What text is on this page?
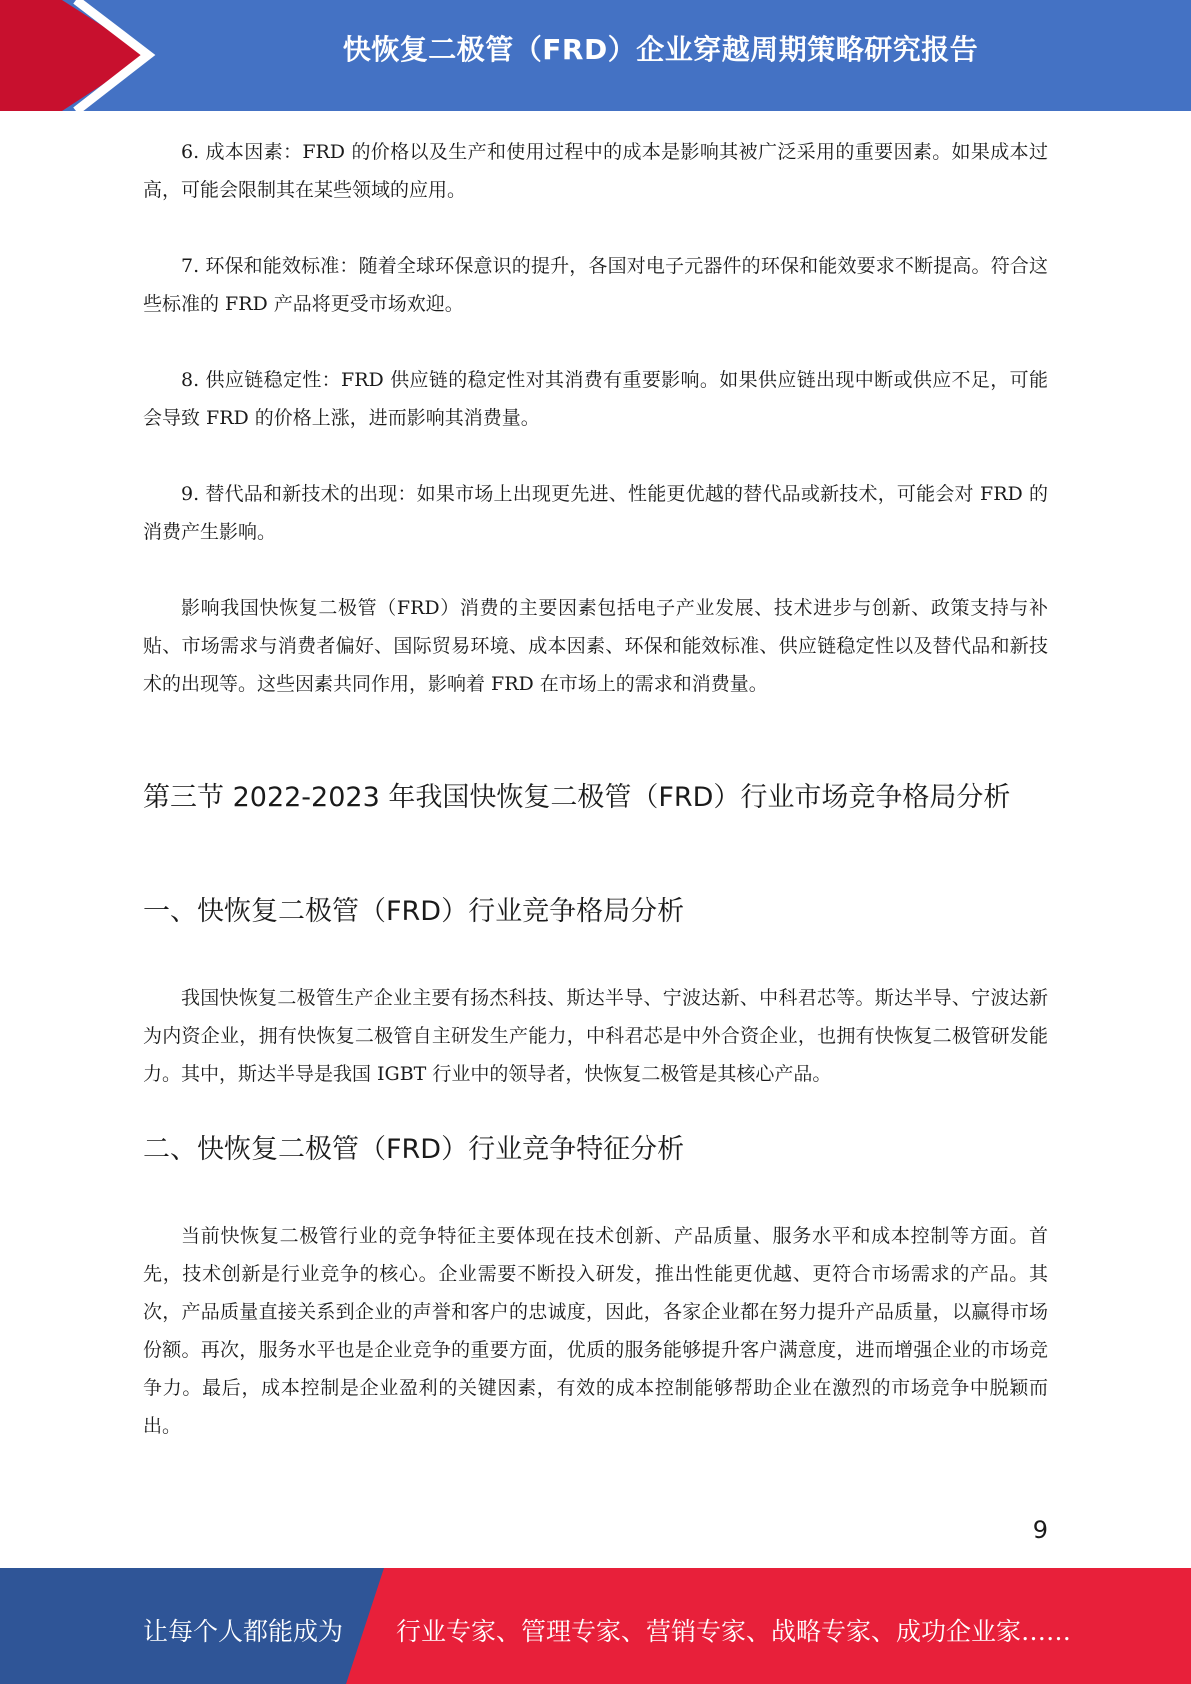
快恢复二极管（FRD）企业穿越周期策略研究报告

6. 成本因素：FRD 的价格以及生产和使用过程中的成本是影响其被广泛采用的重要因素。如果成本过高，可能会限制其在某些领域的应用。

7. 环保和能效标准：随着全球环保意识的提升，各国对电子元器件的环保和能效要求不断提高。符合这些标准的 FRD 产品将更受市场欢迎。

8. 供应链稳定性：FRD 供应链的稳定性对其消费有重要影响。如果供应链出现中断或供应不足，可能会导致 FRD 的价格上涨，进而影响其消费量。

9. 替代品和新技术的出现：如果市场上出现更先进、性能更优越的替代品或新技术，可能会对 FRD 的消费产生影响。

影响我国快恢复二极管（FRD）消费的主要因素包括电子产业发展、技术进步与创新、政策支持与补贴、市场需求与消费者偏好、国际贸易环境、成本因素、环保和能效标准、供应链稳定性以及替代品和新技术的出现等。这些因素共同作用，影响着 FRD 在市场上的需求和消费量。

第三节 2022-2023 年我国快恢复二极管（FRD）行业市场竞争格局分析
一、快恢复二极管（FRD）行业竞争格局分析

我国快恢复二极管生产企业主要有扬杰科技、斯达半导、宁波达新、中科君芯等。斯达半导、宁波达新为内资企业，拥有快恢复二极管自主研发生产能力，中科君芯是中外合资企业，也拥有快恢复二极管研发能力。其中，斯达半导是我国 IGBT 行业中的领导者，快恢复二极管是其核心产品。

二、快恢复二极管（FRD）行业竞争特征分析

当前快恢复二极管行业的竞争特征主要体现在技术创新、产品质量、服务水平和成本控制等方面。首先，技术创新是行业竞争的核心。企业需要不断投入研发，推出性能更优越、更符合市场需求的产品。其次，产品质量直接关系到企业的声誉和客户的忠诚度，因此，各家企业都在努力提升产品质量，以赢得市场份额。再次，服务水平也是企业竞争的重要方面，优质的服务能够提升客户满意度，进而增强企业的市场竞争力。最后，成本控制是企业盈利的关键因素，有效的成本控制能够帮助企业在激烈的市场竞争中脱颖而出。

9
让每个人都能成为 行业专家、管理专家、营销专家、战略专家、成功企业家……
